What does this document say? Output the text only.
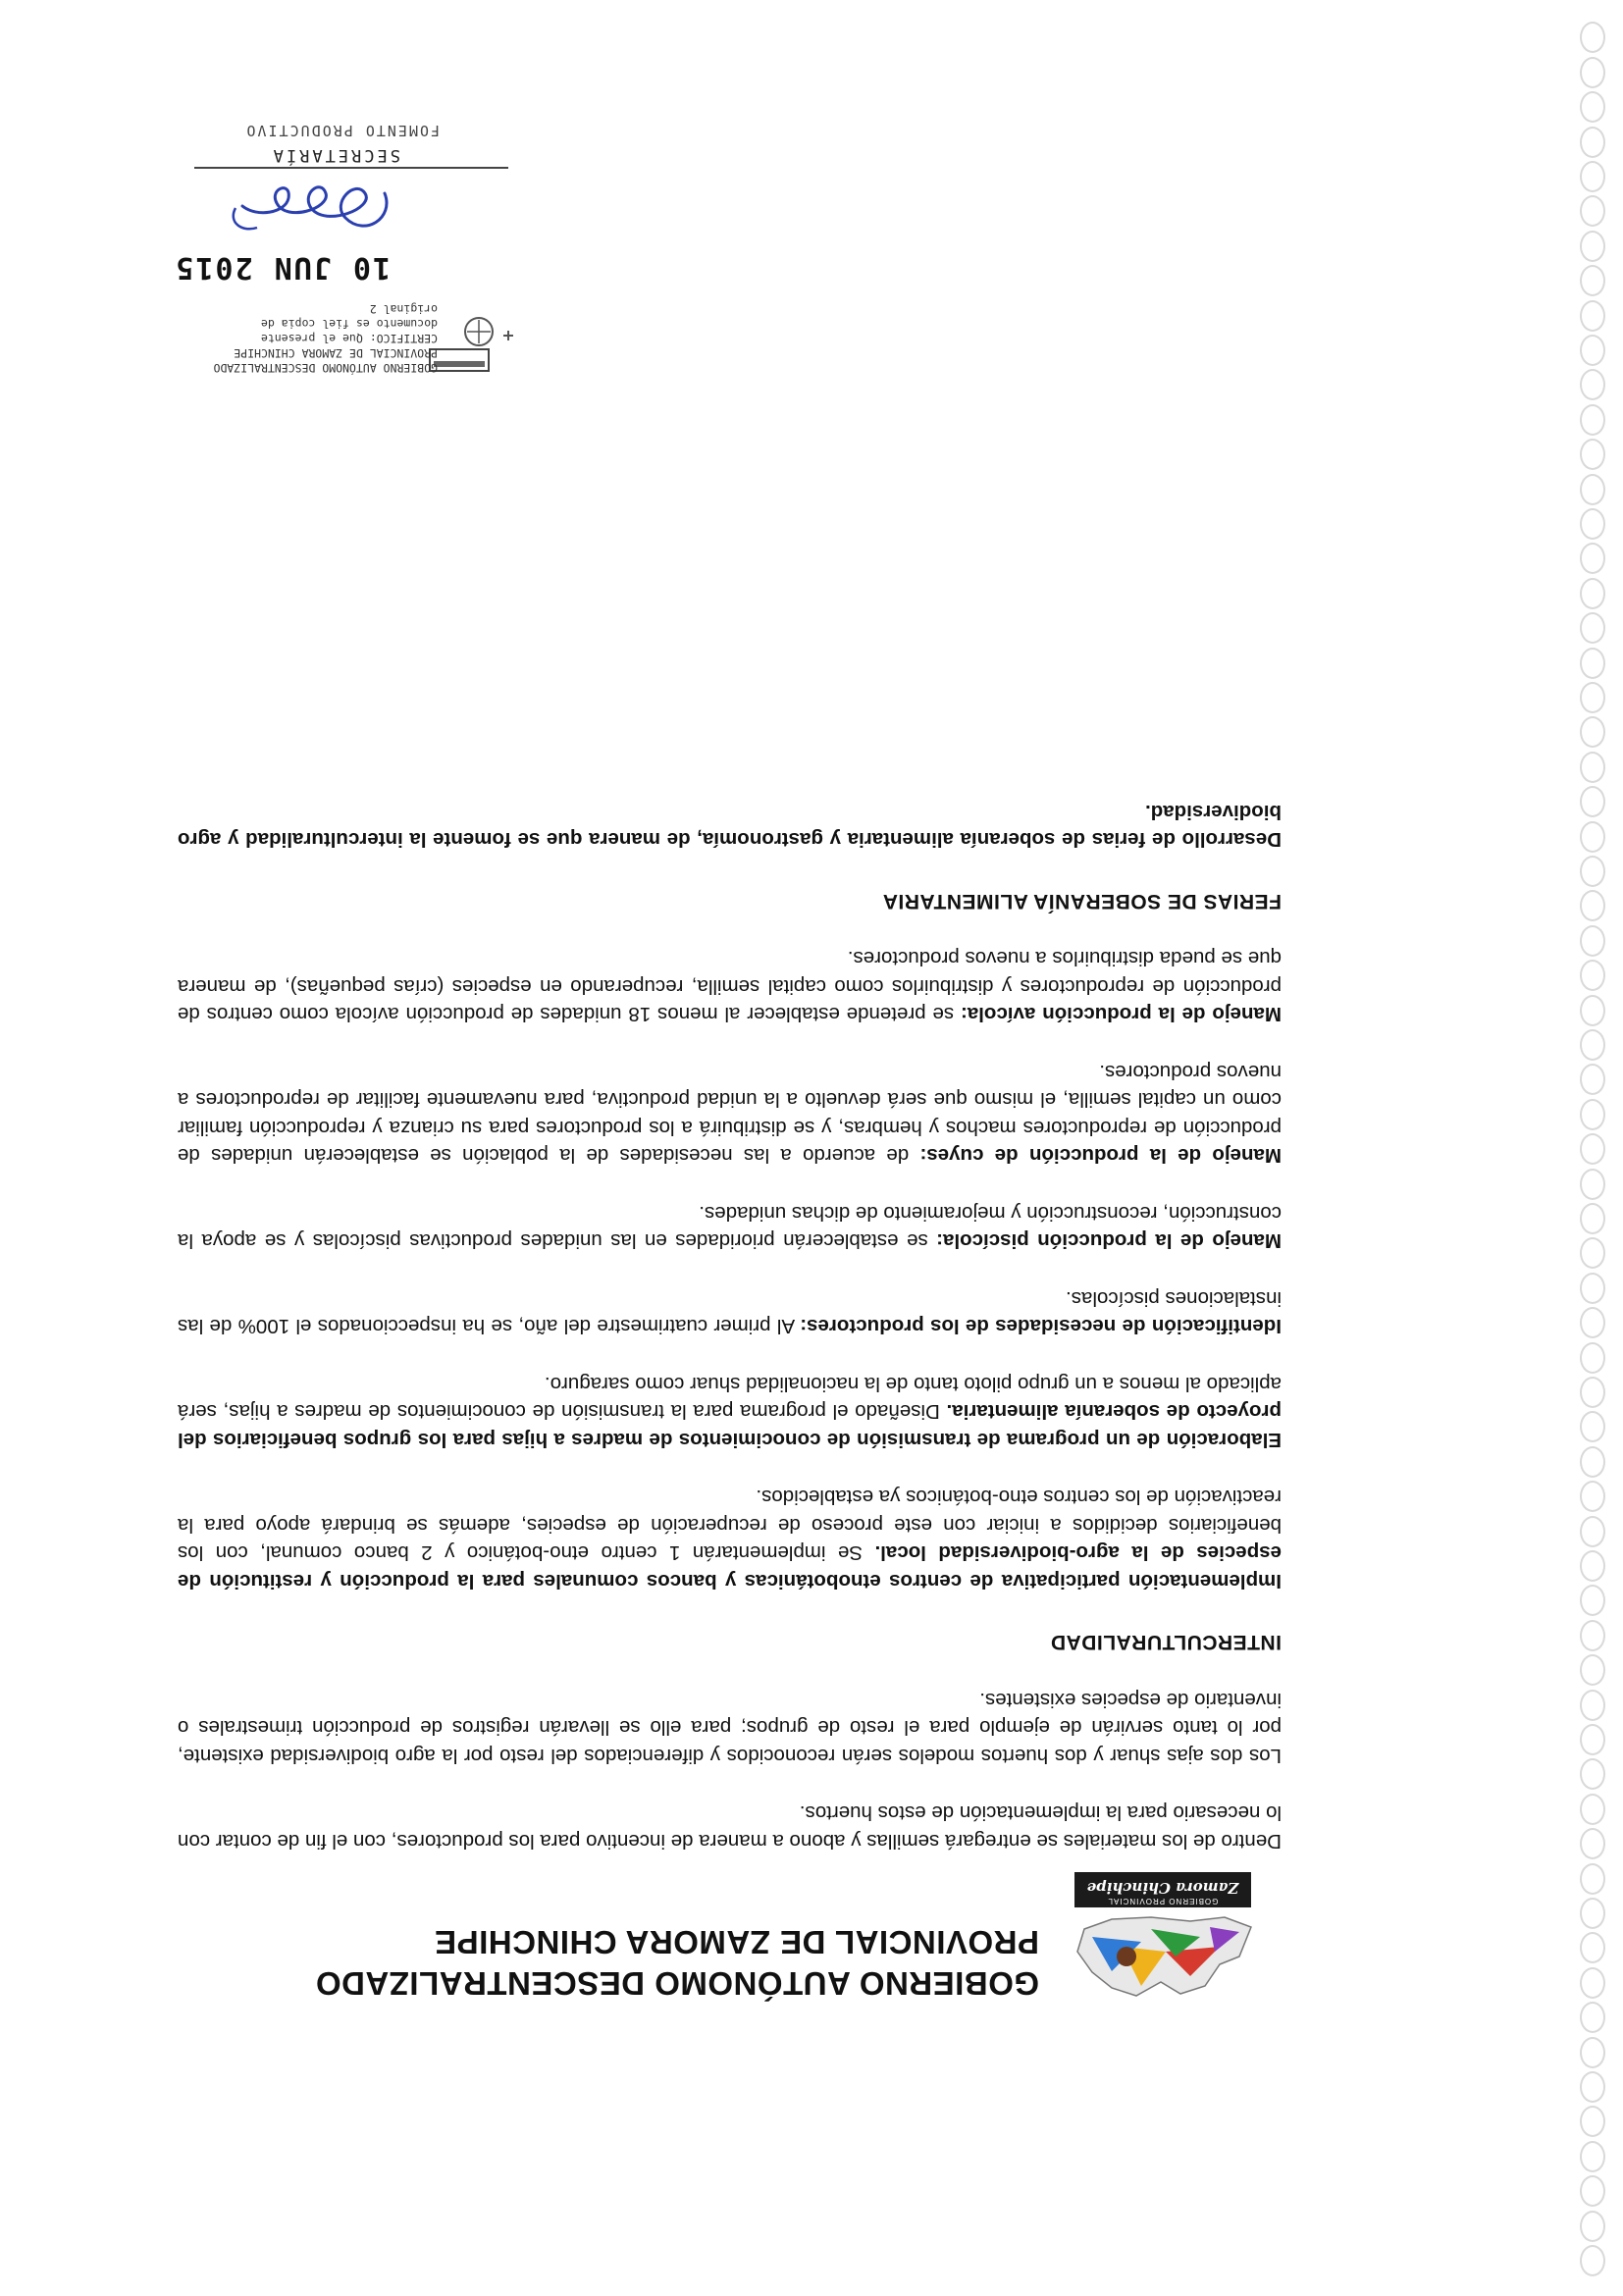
GOBIERNO PROVINCIAL
Zamora Chinchipe
GOBIERNO AUTÓNOMO DESCENTRALIZADO
PROVINCIAL DE ZAMORA CHINCHIPE

Dentro de los materiales se entregará semillas y abono a manera de incentivo para los productores, con el fin de contar con lo necesario para la implementación de estos huertos.

Los dos ajas shuar y dos huertos modelos serán reconocidos y diferenciados del resto por la agro biodiversidad existente, por lo tanto servirán de ejemplo para el resto de grupos; para ello se llevarán registros de producción trimestrales o inventario de especies existentes.

INTERCULTURALIDAD

Implementación participativa de centros etnobotánicas y bancos comunales para la producción y restitución de especies de la agro-biodiversidad local. Se implementarán 1 centro etno-botánico y 2 banco comunal, con los beneficiarios decididos a iniciar con este proceso de recuperación de especies, además se brindará apoyo para la reactivación de los centros etno-botánicos ya establecidos.

Elaboración de un programa de transmisión de conocimientos de madres a hijas para los grupos beneficiarios del proyecto de soberanía alimentaria. Diseñado el programa para la transmisión de conocimientos de madres a hijas, será aplicado al menos a un grupo piloto tanto de la nacionalidad shuar como saraguro.

Identificación de necesidades de los productores: Al primer cuatrimestre del año, se ha inspeccionados el 100% de las instalaciones piscícolas.

Manejo de la producción piscícola: se establecerán prioridades en las unidades productivas piscícolas y se apoya la construcción, reconstrucción y mejoramiento de dichas unidades.

Manejo de la producción de cuyes: de acuerdo a las necesidades de la población se establecerán unidades de producción de reproductores machos y hembras, y se distribuirá a los productores para su crianza y reproducción familiar como un capital semilla, el mismo que será devuelto a la unidad productiva, para nuevamente facilitar de reproductores a nuevos productores.

Manejo de la producción avícola: se pretende establecer al menos 18 unidades de producción avícola como centros de producción de reproductores y distribuirlos como capital semilla, recuperando en especies (crías pequeñas), de manera que se pueda distribuirlos a nuevos productores.

FERIAS DE SOBERANÍA ALIMENTARIA

Desarrollo de ferias de soberanía alimentaria y gastronomía, de manera que se fomente la interculturalidad y agro biodiversidad.

GOBIERNO AUTÓNOMO DESCENTRALIZADO
PROVINCIAL DE ZAMORA CHINCHIPE
CERTIFICO: Que el presente
documento es fiel copia de
original 2
10 JUN 2015
SECRETARÍA
FOMENTO PRODUCTIVO
